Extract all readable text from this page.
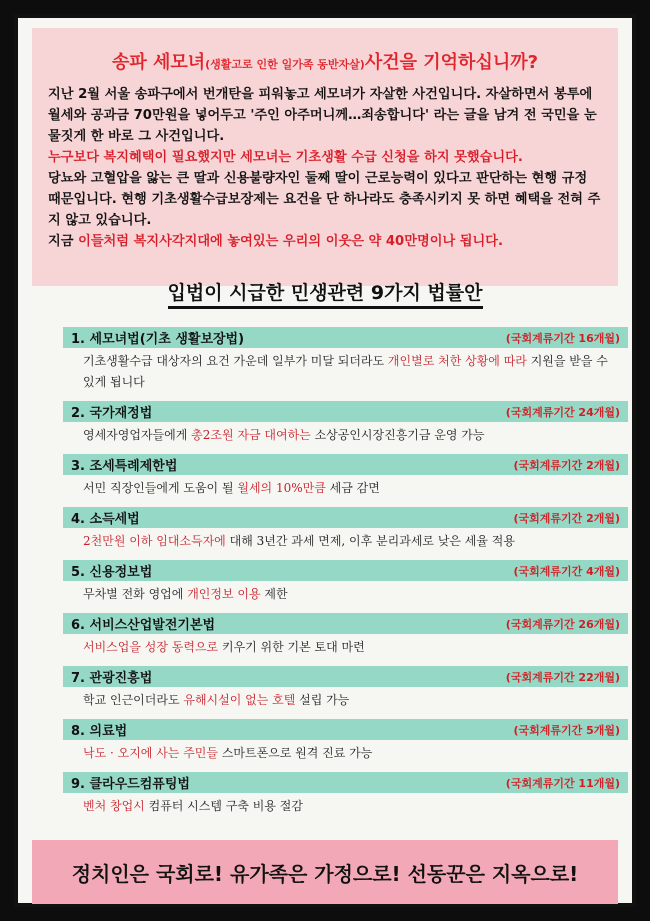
송파 세모녀(생활고로 인한 일가족 동반자살)사건을 기억하십니까?

지난 2월 서울 송파구에서 번개탄을 피워놓고 세모녀가 자살한 사건입니다. 자살하면서 봉투에 월세와 공과금 70만원을 넣어두고 '주인 아주머니께…죄송합니다' 라는 글을 남겨 전 국민을 눈물짓게 한 바로 그 사건입니다.

누구보다 복지혜택이 필요했지만 세모녀는 기초생활 수급 신청을 하지 못했습니다.

당뇨와 고혈압을 앓는 큰 딸과 신용불량자인 둘째 딸이 근로능력이 있다고 판단하는 현행 규정 때문입니다. 현행 기초생활수급보장제는 요건을 단 하나라도 충족시키지 못 하면 혜택을 전혀 주지 않고 있습니다.

지금 이들처럼 복지사각지대에 놓여있는 우리의 이웃은 약 40만명이나 됩니다.

입법이 시급한 민생관련 9가지 법률안
1. 세모녀법(기초 생활보장법)	(국회계류기간 16개월)
기초생활수급 대상자의 요건 가운데 일부가 미달 되더라도 개인별로 처한 상황에 따라 지원을 받을 수 있게 됩니다
2. 국가재정법	(국회계류기간 24개월)
영세자영업자들에게 총2조원 자금 대여하는 소상공인시장진흥기금 운영 가능
3. 조세특례제한법	(국회계류기간 2개월)
서민 직장인들에게 도움이 될 월세의 10%만큼 세금 감면
4. 소득세법	(국회계류기간 2개월)
2천만원 이하 임대소득자에 대해 3년간 과세 면제, 이후 분리과세로 낮은 세율 적용
5. 신용정보법	(국회계류기간 4개월)
무차별 전화 영업에 개인정보 이용 제한
6. 서비스산업발전기본법	(국회계류기간 26개월)
서비스업을 성장 동력으로 키우기 위한 기본 토대 마련
7. 관광진흥법	(국회계류기간 22개월)
학교 인근이더라도 유해시설이 없는 호텔 설립 가능
8. 의료법	(국회계류기간 5개월)
낙도 · 오지에 사는 주민들 스마트폰으로 원격 진료 가능
9. 클라우드컴퓨팅법	(국회계류기간 11개월)
벤처 창업시 컴퓨터 시스템 구축 비용 절감
정치인은 국회로! 유가족은 가정으로! 선동꾼은 지옥으로!
